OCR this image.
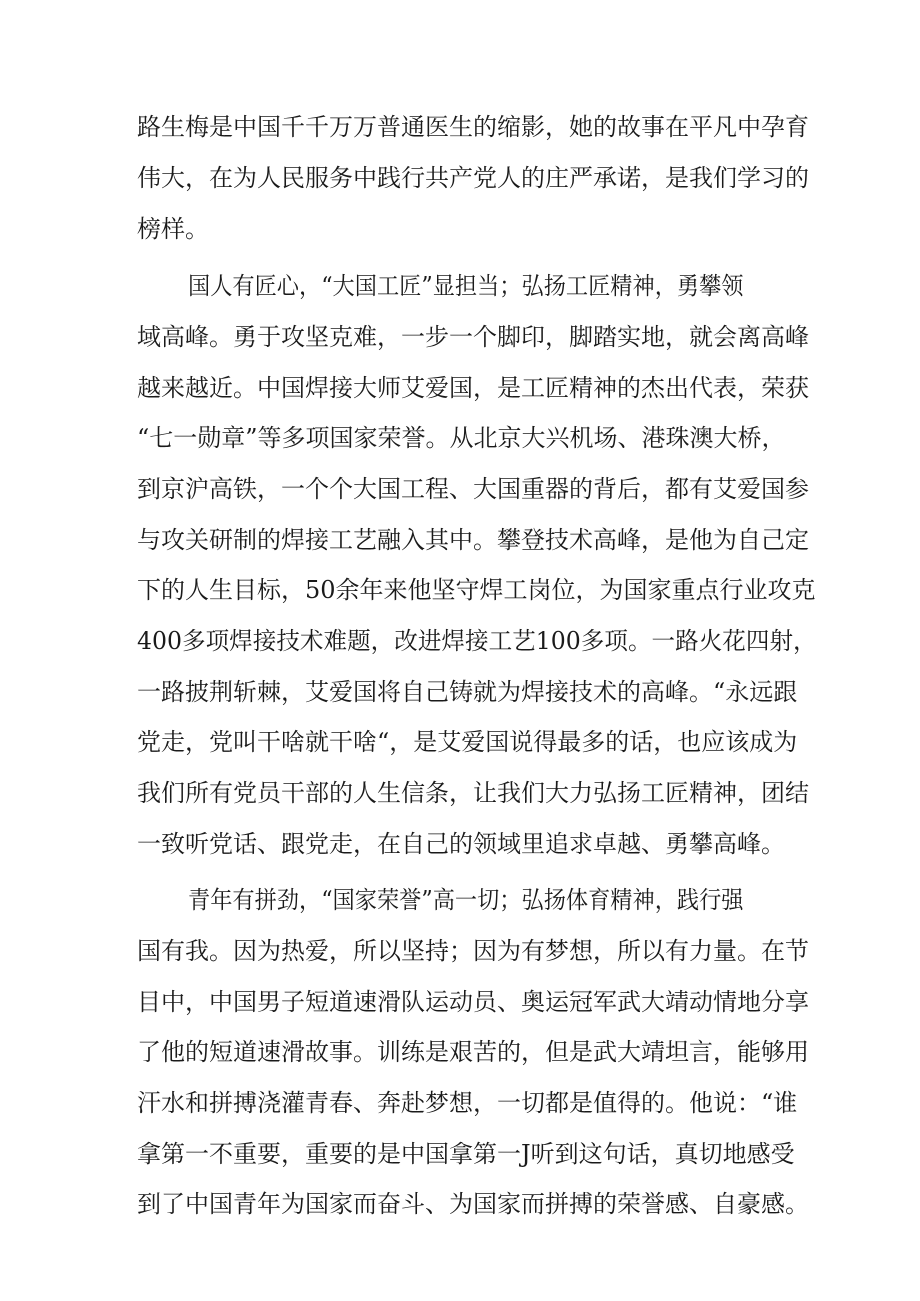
路生梅是中国千千万万普通医生的缩影，她的故事在平凡中孕育
伟大，在为人民服务中践行共产党人的庄严承诺，是我们学习的
榜样。
国人有匠心，“大国工匠”显担当；弘扬工匠精神，勇攀领
域高峰。勇于攻坚克难，一步一个脚印，脚踏实地，就会离高峰
越来越近。中国焊接大师艾爱国，是工匠精神的杰出代表，荣获
“七一勋章”等多项国家荣誉。从北京大兴机场、港珠澳大桥，
到京沪高铁，一个个大国工程、大国重器的背后，都有艾爱国参
与攻关研制的焊接工艺融入其中。攀登技术高峰，是他为自己定
下的人生目标，50余年来他坚守焊工岗位，为国家重点行业攻克
400多项焊接技术难题，改进焊接工艺100多项。一路火花四射，
一路披荆斩棘，艾爱国将自己铸就为焊接技术的高峰。“永远跟
党走，党叫干啥就干啥“，是艾爱国说得最多的话，也应该成为
我们所有党员干部的人生信条，让我们大力弘扬工匠精神，团结
一致听党话、跟党走，在自己的领域里追求卓越、勇攀高峰。
青年有拼劲，“国家荣誉”高一切；弘扬体育精神，践行强
国有我。因为热爱，所以坚持；因为有梦想，所以有力量。在节
目中，中国男子短道速滑队运动员、奥运冠军武大靖动情地分享
了他的短道速滑故事。训练是艰苦的，但是武大靖坦言，能够用
汗水和拼搏浇灌青春、奔赴梦想，一切都是值得的。他说：“谁
拿第一不重要，重要的是中国拿第一J听到这句话，真切地感受
到了中国青年为国家而奋斗、为国家而拼搏的荣誉感、自豪感。
